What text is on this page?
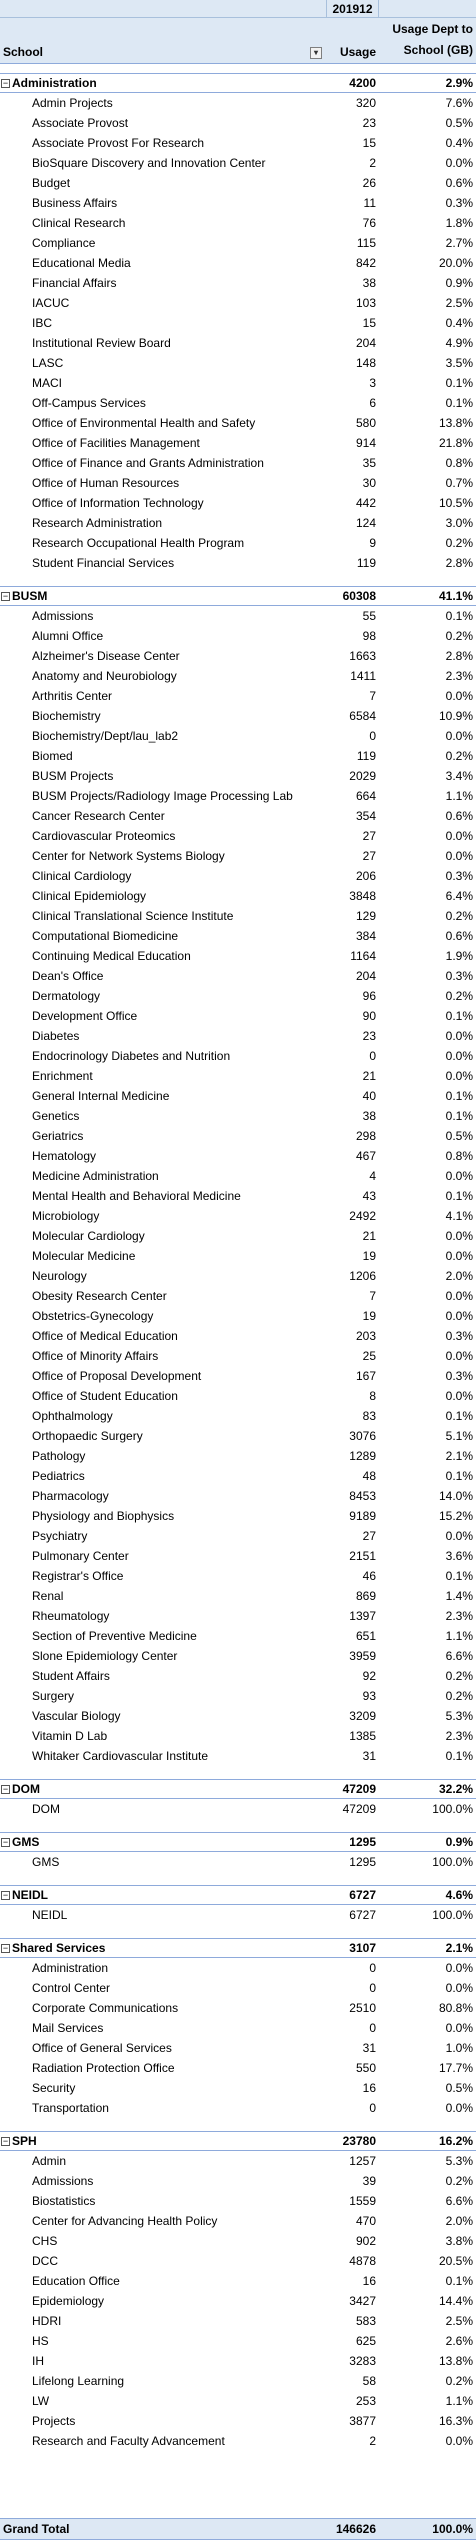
201912
School	▾	Usage
Usage Dept to School (GB)
− Administration	4200	2.9%
Admin Projects	320	7.6%
Associate Provost	23	0.5%
Associate Provost For Research	15	0.4%
BioSquare Discovery and Innovation Center	2	0.0%
Budget	26	0.6%
Business Affairs	11	0.3%
Clinical Research	76	1.8%
Compliance	115	2.7%
Educational Media	842	20.0%
Financial Affairs	38	0.9%
IACUC	103	2.5%
IBC	15	0.4%
Institutional Review Board	204	4.9%
LASC	148	3.5%
MACI	3	0.1%
Off-Campus Services	6	0.1%
Office of Environmental Health and Safety	580	13.8%
Office of Facilities Management	914	21.8%
Office of Finance and Grants Administration	35	0.8%
Office of Human Resources	30	0.7%
Office of Information Technology	442	10.5%
Research Administration	124	3.0%
Research Occupational Health Program	9	0.2%
Student Financial Services	119	2.8%
− BUSM	60308	41.1%
Admissions	55	0.1%
Alumni Office	98	0.2%
Alzheimer's Disease Center	1663	2.8%
Anatomy and Neurobiology	1411	2.3%
Arthritis Center	7	0.0%
Biochemistry	6584	10.9%
Biochemistry/Dept/lau_lab2	0	0.0%
Biomed	119	0.2%
BUSM Projects	2029	3.4%
BUSM Projects/Radiology Image Processing Lab	664	1.1%
Cancer Research Center	354	0.6%
Cardiovascular Proteomics	27	0.0%
Center for Network Systems Biology	27	0.0%
Clinical Cardiology	206	0.3%
Clinical Epidemiology	3848	6.4%
Clinical Translational Science Institute	129	0.2%
Computational Biomedicine	384	0.6%
Continuing Medical Education	1164	1.9%
Dean's Office	204	0.3%
Dermatology	96	0.2%
Development Office	90	0.1%
Diabetes	23	0.0%
Endocrinology Diabetes and Nutrition	0	0.0%
Enrichment	21	0.0%
General Internal Medicine	40	0.1%
Genetics	38	0.1%
Geriatrics	298	0.5%
Hematology	467	0.8%
Medicine Administration	4	0.0%
Mental Health and Behavioral Medicine	43	0.1%
Microbiology	2492	4.1%
Molecular Cardiology	21	0.0%
Molecular Medicine	19	0.0%
Neurology	1206	2.0%
Obesity Research Center	7	0.0%
Obstetrics-Gynecology	19	0.0%
Office of Medical Education	203	0.3%
Office of Minority Affairs	25	0.0%
Office of Proposal Development	167	0.3%
Office of Student Education	8	0.0%
Ophthalmology	83	0.1%
Orthopaedic Surgery	3076	5.1%
Pathology	1289	2.1%
Pediatrics	48	0.1%
Pharmacology	8453	14.0%
Physiology and Biophysics	9189	15.2%
Psychiatry	27	0.0%
Pulmonary Center	2151	3.6%
Registrar's Office	46	0.1%
Renal	869	1.4%
Rheumatology	1397	2.3%
Section of Preventive Medicine	651	1.1%
Slone Epidemiology Center	3959	6.6%
Student Affairs	92	0.2%
Surgery	93	0.2%
Vascular Biology	3209	5.3%
Vitamin D Lab	1385	2.3%
Whitaker Cardiovascular Institute	31	0.1%
− DOM	47209	32.2%
DOM	47209	100.0%
− GMS	1295	0.9%
GMS	1295	100.0%
− NEIDL	6727	4.6%
NEIDL	6727	100.0%
− Shared Services	3107	2.1%
Administration	0	0.0%
Control Center	0	0.0%
Corporate Communications	2510	80.8%
Mail Services	0	0.0%
Office of General Services	31	1.0%
Radiation Protection Office	550	17.7%
Security	16	0.5%
Transportation	0	0.0%
− SPH	23780	16.2%
Admin	1257	5.3%
Admissions	39	0.2%
Biostatistics	1559	6.6%
Center for Advancing Health Policy	470	2.0%
CHS	902	3.8%
DCC	4878	20.5%
Education Office	16	0.1%
Epidemiology	3427	14.4%
HDRI	583	2.5%
HS	625	2.6%
IH	3283	13.8%
Lifelong Learning	58	0.2%
LW	253	1.1%
Projects	3877	16.3%
Research and Faculty Advancement	2	0.0%
Grand Total	146626	100.0%
